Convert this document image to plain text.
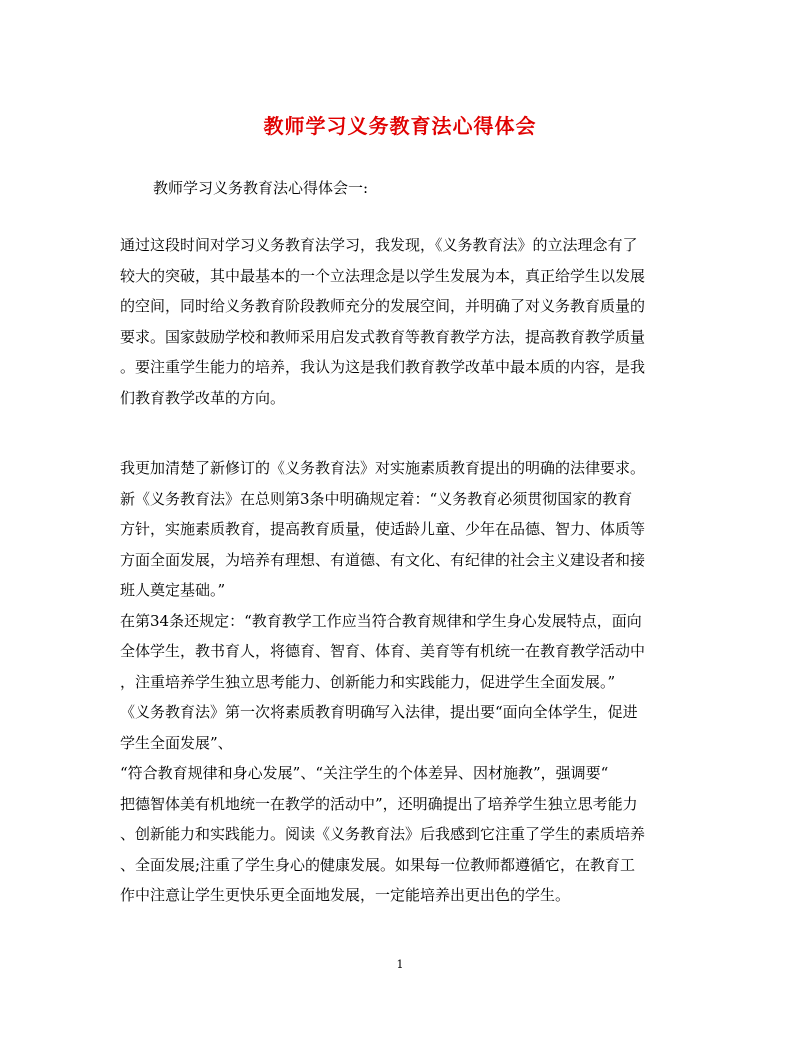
教师学习义务教育法心得体会
教师学习义务教育法心得体会一:
通过这段时间对学习义务教育法学习，我发现，《义务教育法》的立法理念有了
较大的突破，其中最基本的一个立法理念是以学生发展为本，真正给学生以发展
的空间，同时给义务教育阶段教师充分的发展空间，并明确了对义务教育质量的
要求。国家鼓励学校和教师采用启发式教育等教育教学方法，提高教育教学质量
。要注重学生能力的培养，我认为这是我们教育教学改革中最本质的内容，是我
们教育教学改革的方向。
我更加清楚了新修订的《义务教育法》对实施素质教育提出的明确的法律要求。
新《义务教育法》在总则第3条中明确规定着：“义务教育必须贯彻国家的教育
方针，实施素质教育，提高教育质量，使适龄儿童、少年在品德、智力、体质等
方面全面发展，为培养有理想、有道德、有文化、有纪律的社会主义建设者和接
班人奠定基础。”
在第34条还规定：“教育教学工作应当符合教育规律和学生身心发展特点，面向
全体学生，教书育人，将德育、智育、体育、美育等有机统一在教育教学活动中
，注重培养学生独立思考能力、创新能力和实践能力，促进学生全面发展。”
《义务教育法》第一次将素质教育明确写入法律，提出要“面向全体学生，促进
学生全面发展”、
“符合教育规律和身心发展”、“关注学生的个体差异、因材施教”，强调要“
把德智体美有机地统一在教学的活动中”，还明确提出了培养学生独立思考能力
、创新能力和实践能力。阅读《义务教育法》后我感到它注重了学生的素质培养
、全面发展;注重了学生身心的健康发展。如果每一位教师都遵循它，在教育工
作中注意让学生更快乐更全面地发展，一定能培养出更出色的学生。
1
